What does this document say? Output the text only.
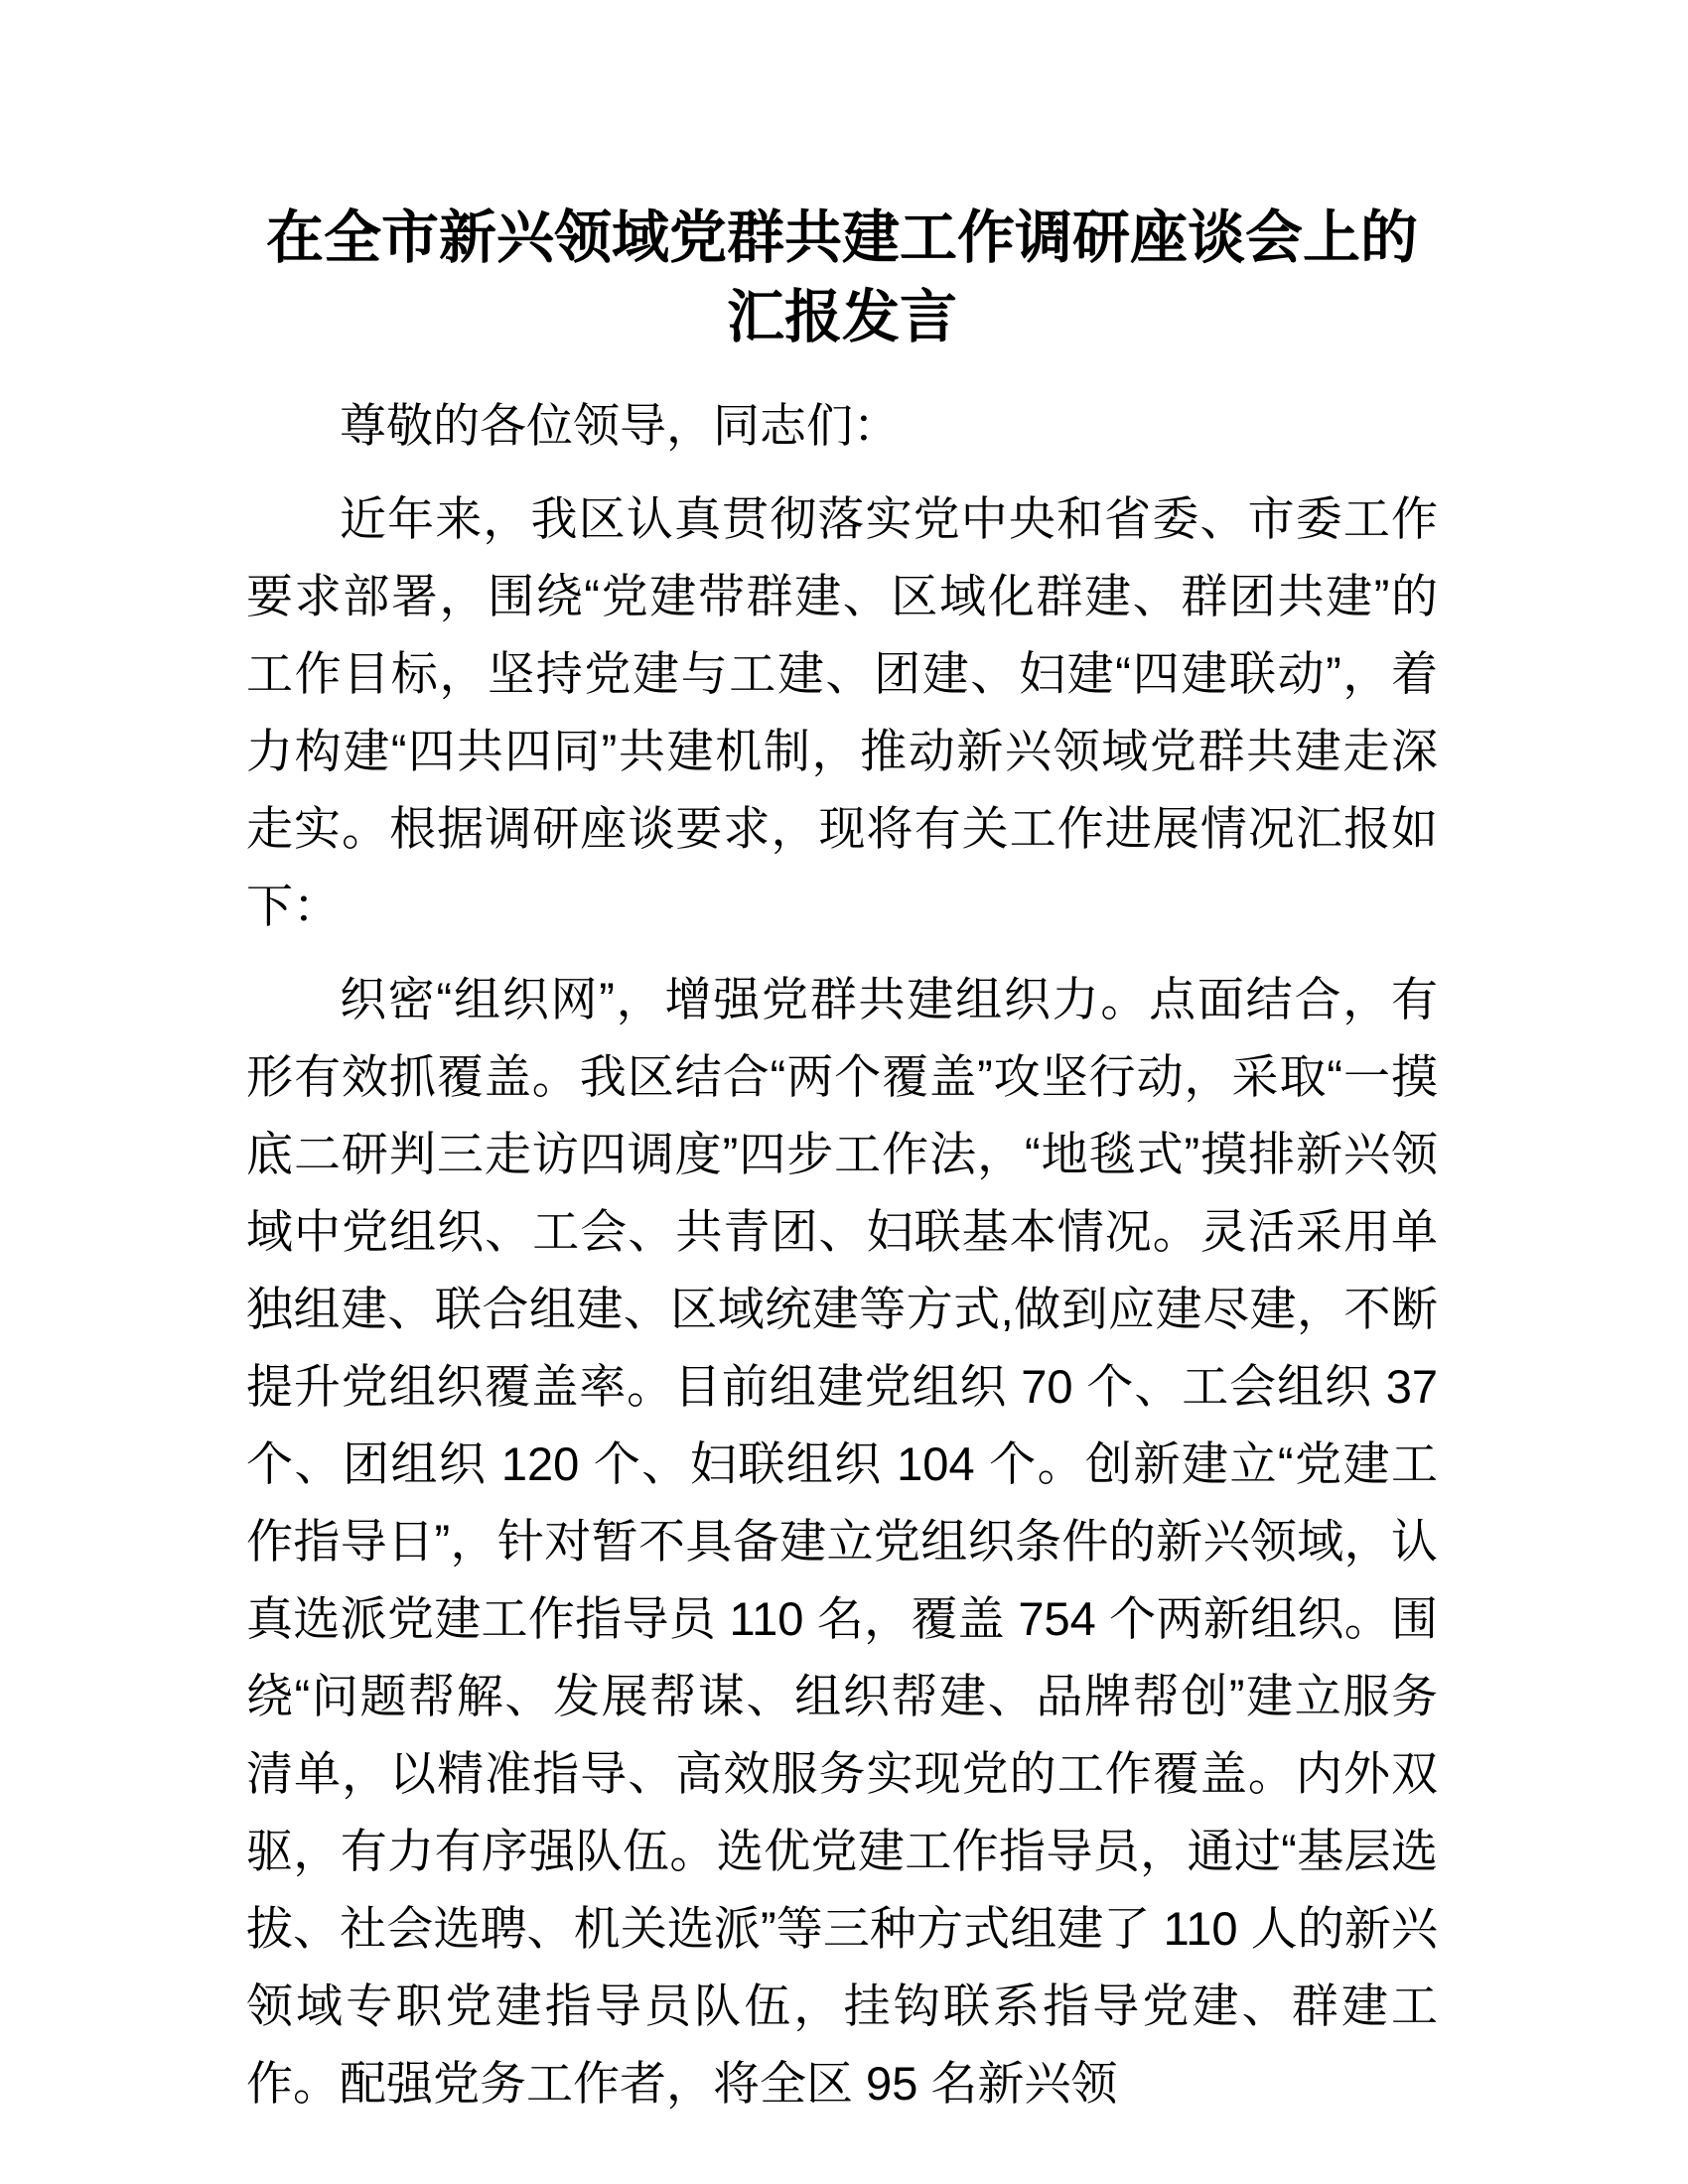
在全市新兴领域党群共建工作调研座谈会上的
汇报发言

尊敬的各位领导，同志们：

近年来，我区认真贯彻落实党中央和省委、市委工作要求部署，围绕“党建带群建、区域化群建、群团共建”的工作目标，坚持党建与工建、团建、妇建“四建联动”，着力构建“四共四同”共建机制，推动新兴领域党群共建走深走实。根据调研座谈要求，现将有关工作进展情况汇报如下：

织密“组织网”，增强党群共建组织力。点面结合，有形有效抓覆盖。我区结合“两个覆盖”攻坚行动，采取“一摸底二研判三走访四调度”四步工作法，“地毯式”摸排新兴领域中党组织、工会、共青团、妇联基本情况。灵活采用单独组建、联合组建、区域统建等方式,做到应建尽建，不断提升党组织覆盖率。目前组建党组织 70 个、工会组织 37 个、团组织 120 个、妇联组织 104 个。创新建立“党建工作指导日”，针对暂不具备建立党组织条件的新兴领域，认真选派党建工作指导员 110 名，覆盖 754 个两新组织。围绕“问题帮解、发展帮谋、组织帮建、品牌帮创”建立服务清单，以精准指导、高效服务实现党的工作覆盖。内外双驱，有力有序强队伍。选优党建工作指导员，通过“基层选拔、社会选聘、机关选派”等三种方式组建了 110 人的新兴领域专职党建指导员队伍，挂钩联系指导党建、群建工作。配强党务工作者，将全区 95 名新兴领
